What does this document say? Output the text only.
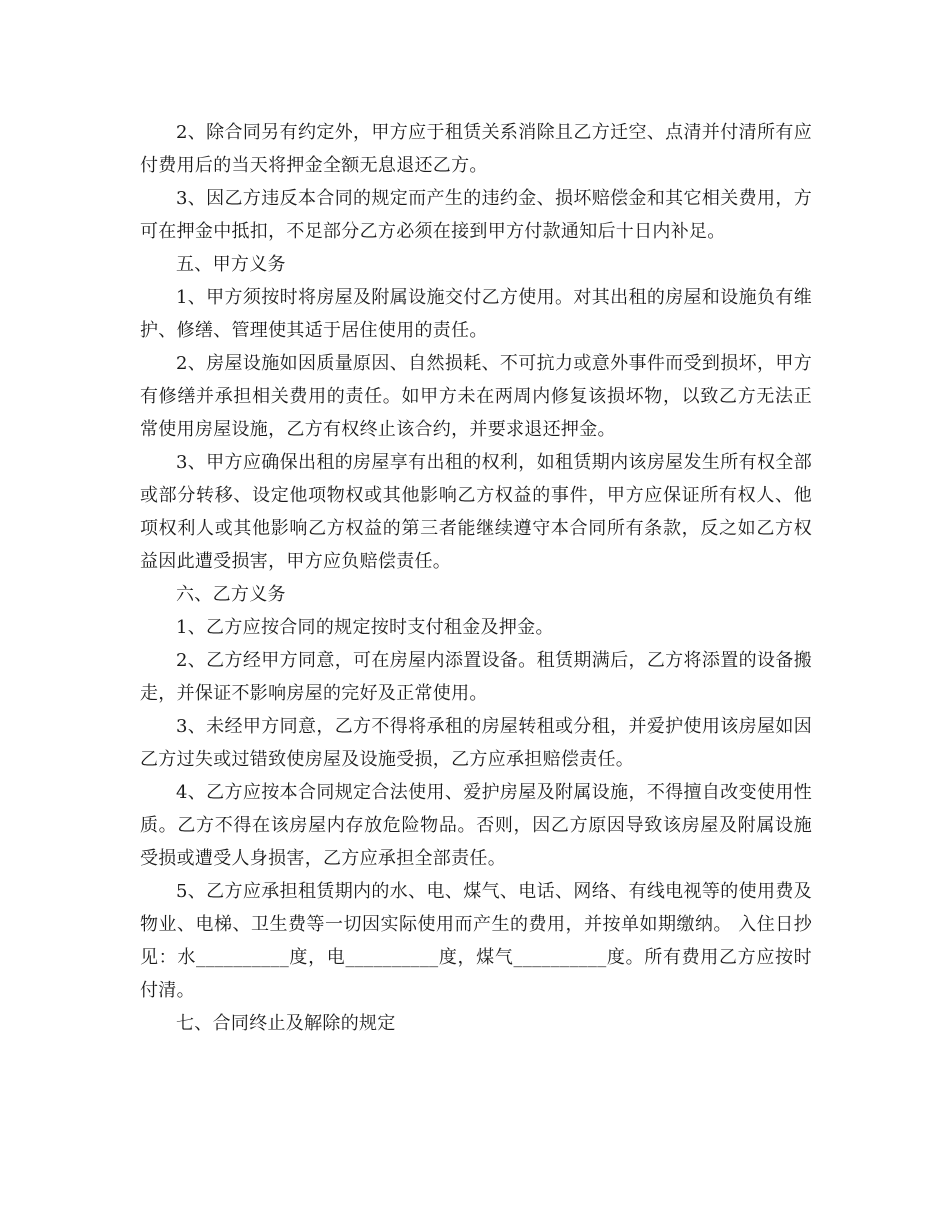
2、除合同另有约定外，甲方应于租赁关系消除且乙方迁空、点清并付清所有应付费用后的当天将押金全额无息退还乙方。

3、因乙方违反本合同的规定而产生的违约金、损坏赔偿金和其它相关费用，方可在押金中抵扣，不足部分乙方必须在接到甲方付款通知后十日内补足。

五、甲方义务

1、甲方须按时将房屋及附属设施交付乙方使用。对其出租的房屋和设施负有维护、修缮、管理使其适于居住使用的责任。

2、房屋设施如因质量原因、自然损耗、不可抗力或意外事件而受到损坏，甲方有修缮并承担相关费用的责任。如甲方未在两周内修复该损坏物，以致乙方无法正常使用房屋设施，乙方有权终止该合约，并要求退还押金。

3、甲方应确保出租的房屋享有出租的权利，如租赁期内该房屋发生所有权全部或部分转移、设定他项物权或其他影响乙方权益的事件，甲方应保证所有权人、他项权利人或其他影响乙方权益的第三者能继续遵守本合同所有条款，反之如乙方权益因此遭受损害，甲方应负赔偿责任。

六、乙方义务

1、乙方应按合同的规定按时支付租金及押金。

2、乙方经甲方同意，可在房屋内添置设备。租赁期满后，乙方将添置的设备搬走，并保证不影响房屋的完好及正常使用。

3、未经甲方同意，乙方不得将承租的房屋转租或分租，并爱护使用该房屋如因乙方过失或过错致使房屋及设施受损，乙方应承担赔偿责任。

4、乙方应按本合同规定合法使用、爱护房屋及附属设施，不得擅自改变使用性质。乙方不得在该房屋内存放危险物品。否则，因乙方原因导致该房屋及附属设施受损或遭受人身损害，乙方应承担全部责任。

5、乙方应承担租赁期内的水、电、煤气、电话、网络、有线电视等的使用费及物业、电梯、卫生费等一切因实际使用而产生的费用，并按单如期缴纳。 入住日抄见：水__________度，电__________度，煤气__________度。所有费用乙方应按时付清。

七、合同终止及解除的规定
